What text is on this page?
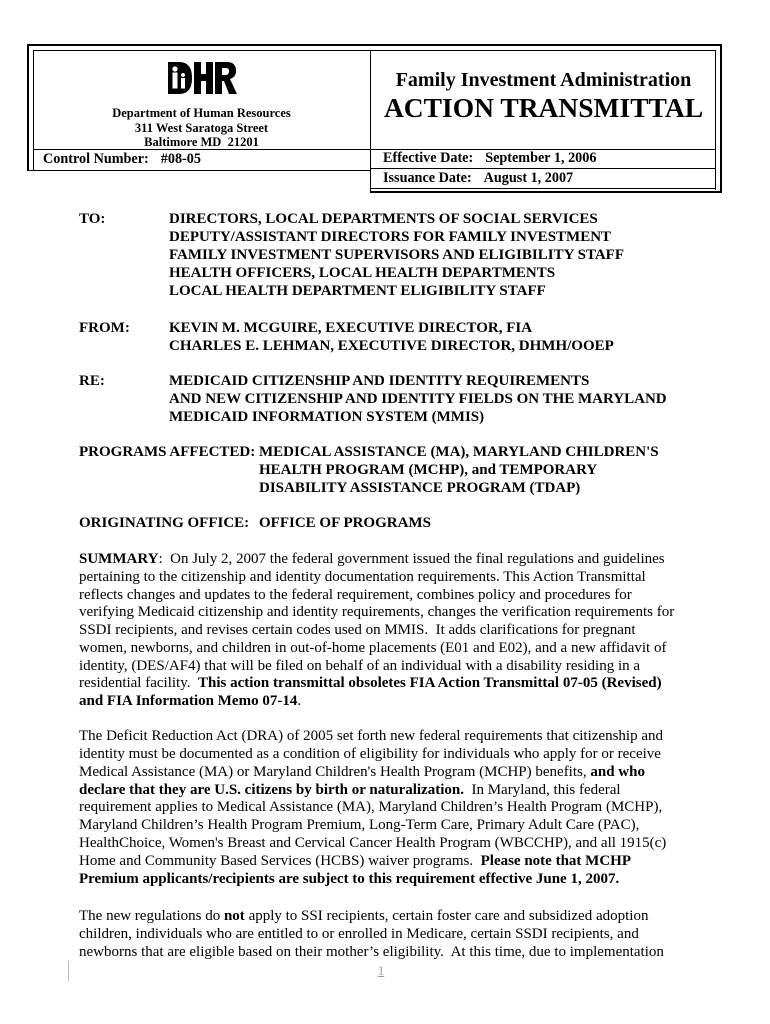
Department of Human Resources
311 West Saratoga Street
Baltimore MD  21201
Family Investment Administration
ACTION TRANSMITTAL
Control Number: #08-05	Effective Date: September 1, 2006
Issuance Date: August 1, 2007
TO:	DIRECTORS, LOCAL DEPARTMENTS OF SOCIAL SERVICES
DEPUTY/ASSISTANT DIRECTORS FOR FAMILY INVESTMENT
FAMILY INVESTMENT SUPERVISORS AND ELIGIBILITY STAFF
HEALTH OFFICERS, LOCAL HEALTH DEPARTMENTS
LOCAL HEALTH DEPARTMENT ELIGIBILITY STAFF
FROM:	KEVIN M. MCGUIRE, EXECUTIVE DIRECTOR, FIA
CHARLES E. LEHMAN, EXECUTIVE DIRECTOR, DHMH/OOEP
RE:	MEDICAID CITIZENSHIP AND IDENTITY REQUIREMENTS
AND NEW CITIZENSHIP AND IDENTITY FIELDS ON THE MARYLAND
MEDICAID INFORMATION SYSTEM (MMIS)
PROGRAMS AFFECTED: MEDICAL ASSISTANCE (MA), MARYLAND CHILDREN'S
HEALTH PROGRAM (MCHP), and TEMPORARY
DISABILITY ASSISTANCE PROGRAM (TDAP)
ORIGINATING OFFICE: OFFICE OF PROGRAMS
SUMMARY:  On July 2, 2007 the federal government issued the final regulations and guidelines
pertaining to the citizenship and identity documentation requirements. This Action Transmittal
reflects changes and updates to the federal requirement, combines policy and procedures for
verifying Medicaid citizenship and identity requirements, changes the verification requirements for
SSDI recipients, and revises certain codes used on MMIS.  It adds clarifications for pregnant
women, newborns, and children in out-of-home placements (E01 and E02), and a new affidavit of
identity, (DES/AF4) that will be filed on behalf of an individual with a disability residing in a
residential facility.  This action transmittal obsoletes FIA Action Transmittal 07-05 (Revised)
and FIA Information Memo 07-14.
The Deficit Reduction Act (DRA) of 2005 set forth new federal requirements that citizenship and
identity must be documented as a condition of eligibility for individuals who apply for or receive
Medical Assistance (MA) or Maryland Children's Health Program (MCHP) benefits, and who
declare that they are U.S. citizens by birth or naturalization.  In Maryland, this federal
requirement applies to Medical Assistance (MA), Maryland Children’s Health Program (MCHP),
Maryland Children’s Health Program Premium, Long-Term Care, Primary Adult Care (PAC),
HealthChoice, Women's Breast and Cervical Cancer Health Program (WBCCHP), and all 1915(c)
Home and Community Based Services (HCBS) waiver programs.  Please note that MCHP
Premium applicants/recipients are subject to this requirement effective June 1, 2007.
The new regulations do not apply to SSI recipients, certain foster care and subsidized adoption
children, individuals who are entitled to or enrolled in Medicare, certain SSDI recipients, and
newborns that are eligible based on their mother’s eligibility.  At this time, due to implementation
1
